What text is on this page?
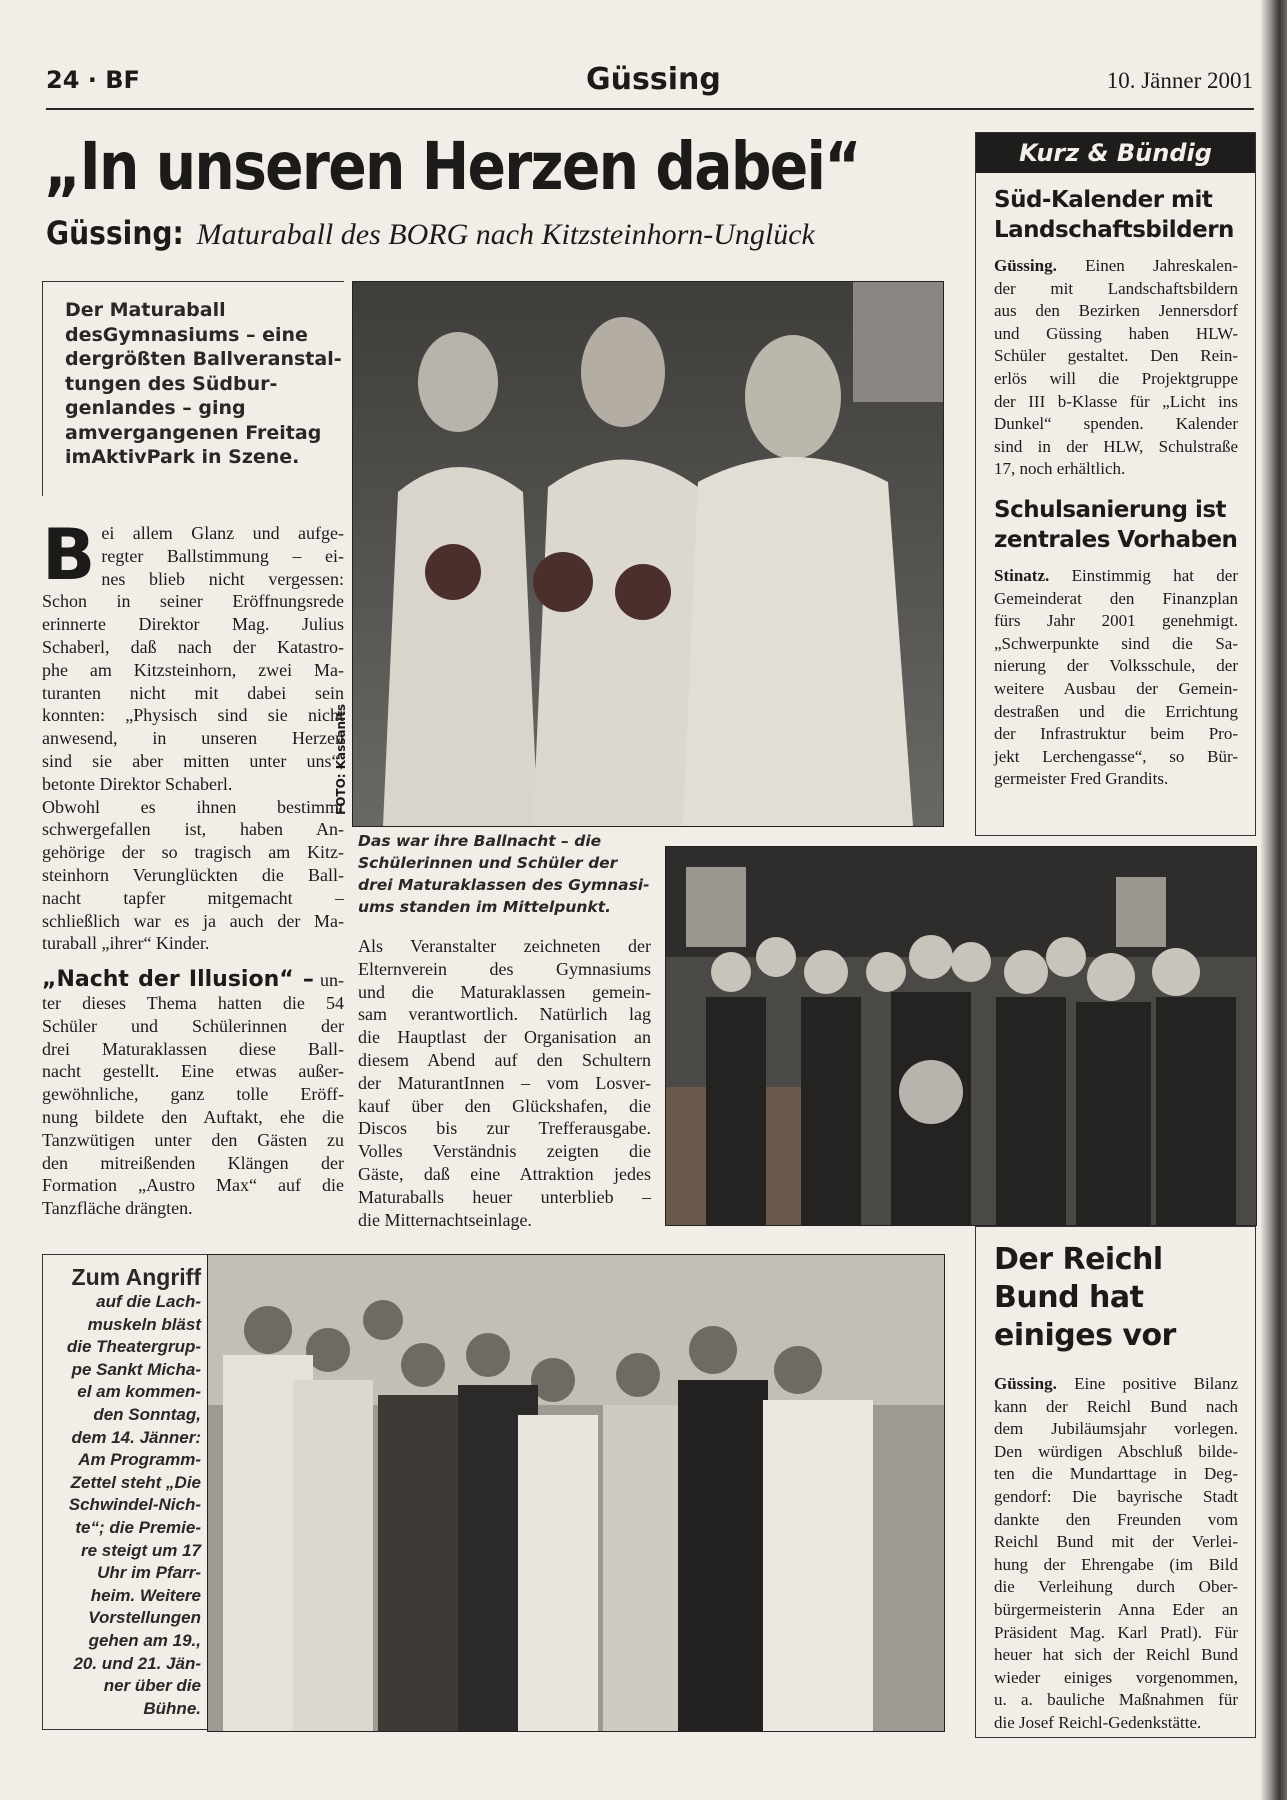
24 · BF	Güssing	10. Jänner 2001
„In unseren Herzen dabei“
Güssing: Maturaball des BORG nach Kitzsteinhorn-Unglück
Der Maturaball desGymnasiums – eine dergrößten Ballveranstal-tungen des Südbur-genlandes – ging amvergangenen Freitag imAktivPark in Szene.
B ei allem Glanz und aufge-
regter Ballstimmung – ei-
nes blieb nicht vergessen:
Schon in seiner Eröffnungsrede
erinnerte Direktor Mag. Julius
Schaberl, daß nach der Katastro-
phe am Kitzsteinhorn, zwei Ma-
turanten nicht mit dabei sein
konnten: „Physisch sind sie nicht
anwesend, in unseren Herzen
sind sie aber mitten unter uns“,
betonte Direktor Schaberl.
Obwohl es ihnen bestimmt
schwergefallen ist, haben An-
gehörige der so tragisch am Kitz-
steinhorn Verunglückten die Ball-
nacht tapfer mitgemacht –
schließlich war es ja auch der Ma-
turaball „ihrer“ Kinder.
„Nacht der Illusion“ – un-
ter dieses Thema hatten die 54
Schüler und Schülerinnen der
drei Maturaklassen diese Ball-
nacht gestellt. Eine etwas außer-
gewöhnliche, ganz tolle Eröff-
nung bildete den Auftakt, ehe die
Tanzwütigen unter den Gästen zu
den mitreißenden Klängen der
Formation „Austro Max“ auf die
Tanzfläche drängten.
FOTO: Kassanits
Das war ihre Ballnacht – die
Schülerinnen und Schüler der
drei Maturaklassen des Gymnasi-
ums standen im Mittelpunkt.
Als Veranstalter zeichneten der
Elternverein des Gymnasiums
und die Maturaklassen gemein-
sam verantwortlich. Natürlich lag
die Hauptlast der Organisation an
diesem Abend auf den Schultern
der MaturantInnen – vom Losver-
kauf über den Glückshafen, die
Discos bis zur Trefferausgabe.
Volles Verständnis zeigten die
Gäste, daß eine Attraktion jedes
Maturaballs heuer unterblieb –
die Mitternachtseinlage.
Zum Angriff
auf die Lach-
muskeln bläst
die Theatergrup-
pe Sankt Micha-
el am kommen-
den Sonntag,
dem 14. Jänner:
Am Programm-
Zettel steht „Die
Schwindel-Nich-
te“; die Premie-
re steigt um 17
Uhr im Pfarr-
heim. Weitere
Vorstellungen
gehen am 19.,
20. und 21. Jän-
ner über die
Bühne.
Kurz & Bündig
Süd-Kalender mit Landschaftsbildern
Güssing. Einen Jahreskalen-
der mit Landschaftsbildern
aus den Bezirken Jennersdorf
und Güssing haben HLW-
Schüler gestaltet. Den Rein-
erlös will die Projektgruppe
der III b-Klasse für „Licht ins
Dunkel“ spenden. Kalender
sind in der HLW, Schulstraße
17, noch erhältlich.
Schulsanierung ist zentrales Vorhaben
Stinatz. Einstimmig hat der
Gemeinderat den Finanzplan
fürs Jahr 2001 genehmigt.
„Schwerpunkte sind die Sa-
nierung der Volksschule, der
weitere Ausbau der Gemein-
destraßen und die Errichtung
der Infrastruktur beim Pro-
jekt Lerchengasse“, so Bür-
germeister Fred Grandits.
Der Reichl Bund hat einiges vor
Güssing. Eine positive Bilanz
kann der Reichl Bund nach
dem Jubiläumsjahr vorlegen.
Den würdigen Abschluß bilde-
ten die Mundarttage in Deg-
gendorf: Die bayrische Stadt
dankte den Freunden vom
Reichl Bund mit der Verlei-
hung der Ehrengabe (im Bild
die Verleihung durch Ober-
bürgermeisterin Anna Eder an
Präsident Mag. Karl Pratl). Für
heuer hat sich der Reichl Bund
wieder einiges vorgenommen,
u. a. bauliche Maßnahmen für
die Josef Reichl-Gedenkstätte.
